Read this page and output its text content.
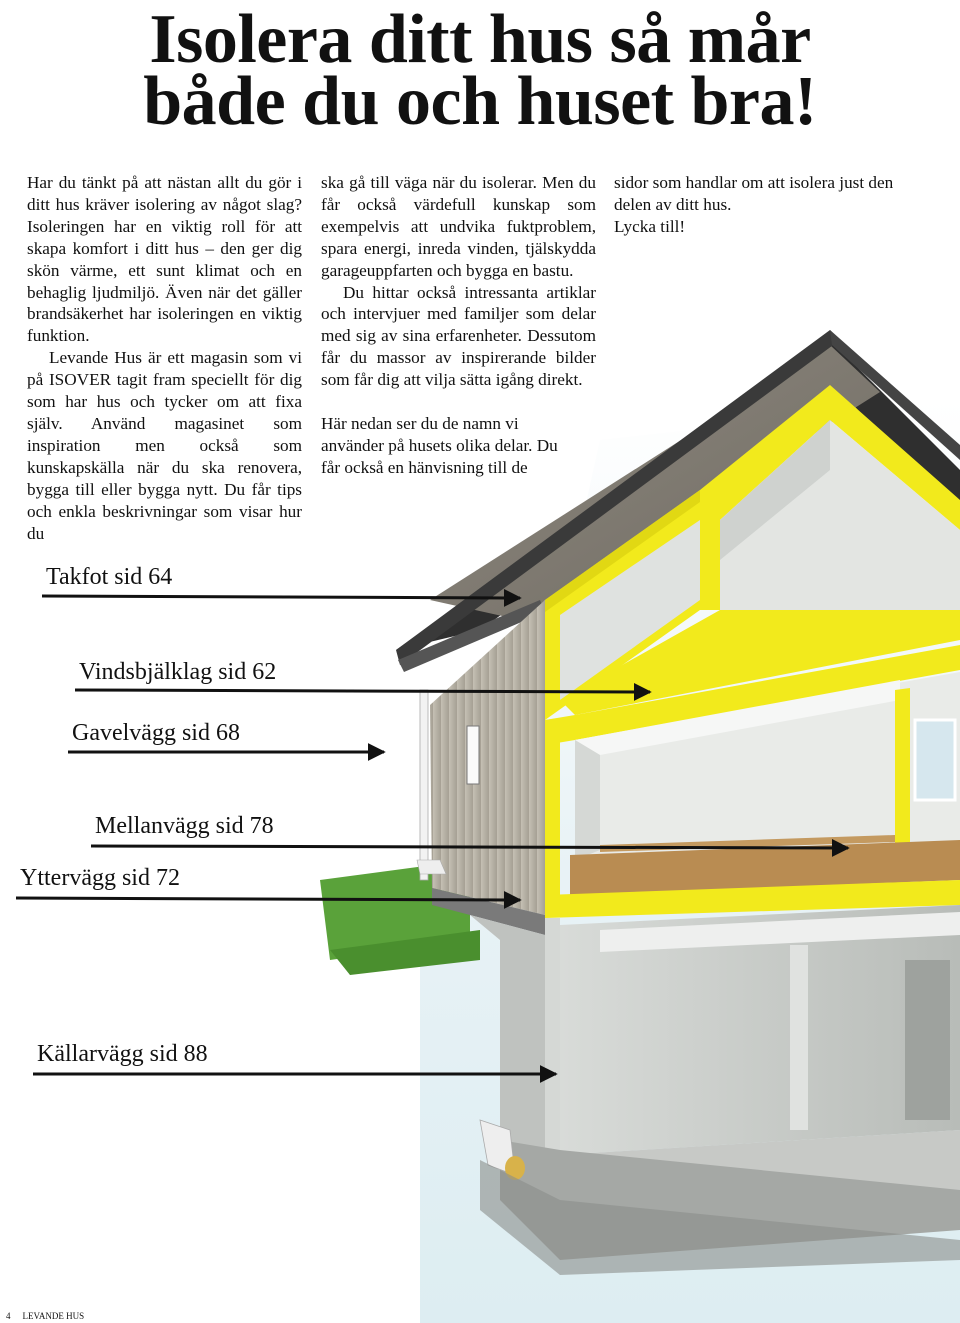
Isolera ditt hus så mår
både du och huset bra!

Har du tänkt på att nästan allt du gör i ditt hus kräver isolering av något slag? Isoleringen har en viktig roll för att skapa komfort i ditt hus – den ger dig skön värme, ett sunt klimat och en behaglig ljudmiljö. Även när det gäller brandsäkerhet har isoleringen en viktig funktion.

Levande Hus är ett magasin som vi på ISOVER tagit fram speciellt för dig som har hus och tycker om att fixa själv. Använd magasinet som inspiration men också som kunskapskälla när du ska renovera, bygga till eller bygga nytt. Du får tips och enkla beskrivningar som visar hur du

ska gå till väga när du isolerar. Men du får också värdefull kunskap som exempelvis att undvika fuktproblem, spara energi, inreda vinden, tjälskydda garageuppfarten och bygga en bastu.

Du hittar också intressanta artiklar och intervjuer med familjer som delar med sig av sina erfarenheter. Dessutom får du massor av inspirerande bilder som får dig att vilja sätta igång direkt.

Här nedan ser du de namn vi använder på husets olika delar. Du får också en hänvisning till de

sidor som handlar om att isolera just den delen av ditt hus.

Lycka till!

Takfot sid 64
Vindsbjälklag sid 62
Gavelvägg sid 68
Mellanvägg sid 78
Yttervägg sid 72
Källarvägg sid 88
4 LEVANDE HUS
